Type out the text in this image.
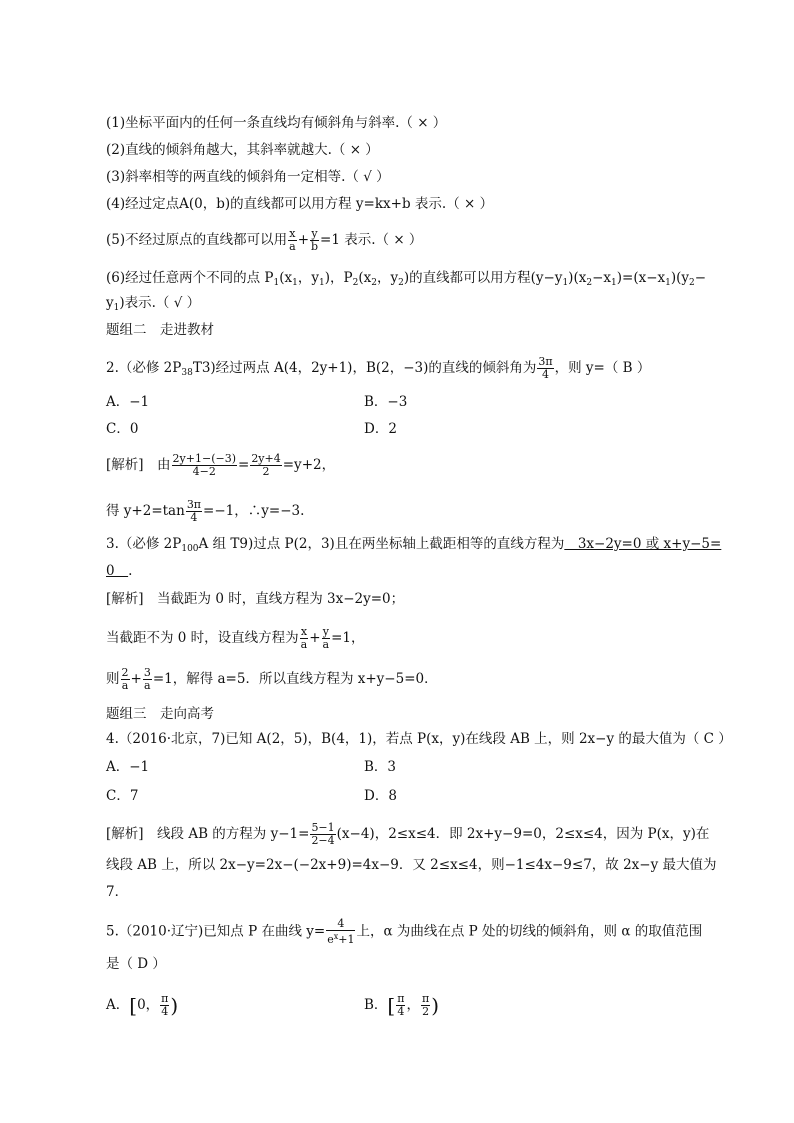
(1)坐标平面内的任何一条直线均有倾斜角与斜率.（ × ）
(2)直线的倾斜角越大，其斜率就越大.（ × ）
(3)斜率相等的两直线的倾斜角一定相等.（ √ ）
(4)经过定点A(0，b)的直线都可以用方程 y=kx+b 表示.（ × ）
(5)不经过原点的直线都可以用 $\frac{x}{a} + \frac{y}{b} =1$ 表示.（ × ）
(6)经过任意两个不同的点 $P_1(x_1$，$y_1$)，$P_2(x_2$，$y_2$)的直线都可以用方程$(y-y_1)(x_2-x_1)=(x-x_1)(y_2-$
$y_1$)表示.（ √ ）
题组二　走进教材
2.（必修 $2P_{38}T3$)经过两点 A(4，2y+1)，B(2，−3)的直线的倾斜角为 $\frac{3\pi}{4}$ ，则 y=（ B ）
A．−1	B．−3
C．0	D．2
[解析]　 由 $\frac{2y+1-(-3)}{4-2} = \frac{2y+4}{2} =y+2$，
得 $y+2=\tan \frac{3\pi}{4} =-1$，∴y=−3.
3.（必修 $2P_{100}A$ 组 T9)过点 P(2，3)且在两坐标轴上截距相等的直线方程为　3x−2y=0 或 x+y−5=
0　.
[解析]　 当截距为 0 时，直线方程为 3x−2y=0；
当截距不为 0 时，设直线方程为 $\frac{x}{a} + \frac{y}{a} =1$，
则 $\frac{2}{a} + \frac{3}{a} =1$，解得 a=5．所以直线方程为 x+y−5=0．
题组三　走向高考
4.（2016·北京，7)已知 A(2，5)，B(4，1)，若点 P(x，y)在线段 AB 上，则 2x−y 的最大值为（ C ）
A．−1	B．3
C．7	D．8
[解析]　 线段 AB 的方程为 $y-1= \frac{5-1}{2-4} (x-4)$，2≤x≤4．即 2x+y−9=0，2≤x≤4，因为 P(x，y)在
线段 AB 上，所以 2x−y=2x−(−2x+9)=4x−9．又 2≤x≤4，则−1≤4x−9≤7，故 2x−y 最大值为
7．
5.（2010·辽宁)已知点 P 在曲线 $y= \frac{4}{e^x+1}$ 上，α 为曲线在点 P 处的切线的倾斜角，则 α 的取值范围
是（ D ）
A．[0， $\frac{\pi}{4}$ )	B．[ $\frac{\pi}{4}$ ， $\frac{\pi}{2}$ )
